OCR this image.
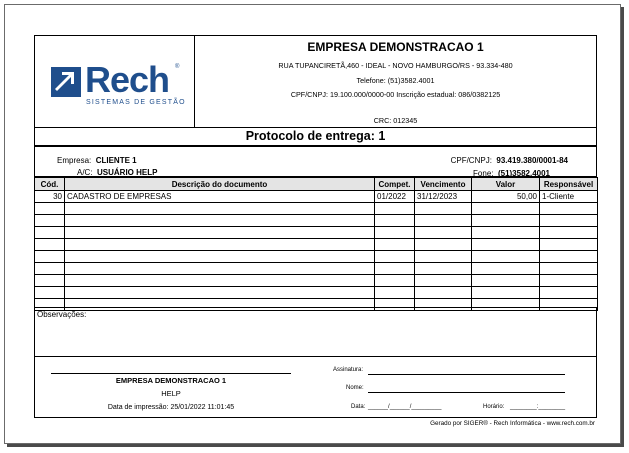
Rech ®
SISTEMAS DE GESTÃO
EMPRESA DEMONSTRACAO 1
RUA TUPANCIRETÃ,460 - IDEAL - NOVO HAMBURGO/RS - 93.334-480
Telefone: (51)3582.4001
CPF/CNPJ: 19.100.000/0000-00 Inscrição estadual: 086/0382125
CRC: 012345
Protocolo de entrega: 1
Empresa: CLIENTE 1
A/C: USUÁRIO HELP
CPF/CNPJ: 93.419.380/0001-84
Fone: (51)3582.4001
Cód.	Descrição do documento	Compet.	Vencimento	Valor	Responsável
30	CADASTRO DE EMPRESAS	01/2022	31/12/2023	50,00	1-Cliente

Observações:
EMPRESA DEMONSTRACAO 1
HELP
Data de impressão: 25/01/2022 11:01:45
Assinatura:
Nome:
Data: ______/______/_________	Horário: ________:________
Gerado por SIGER® - Rech Informática - www.rech.com.br
